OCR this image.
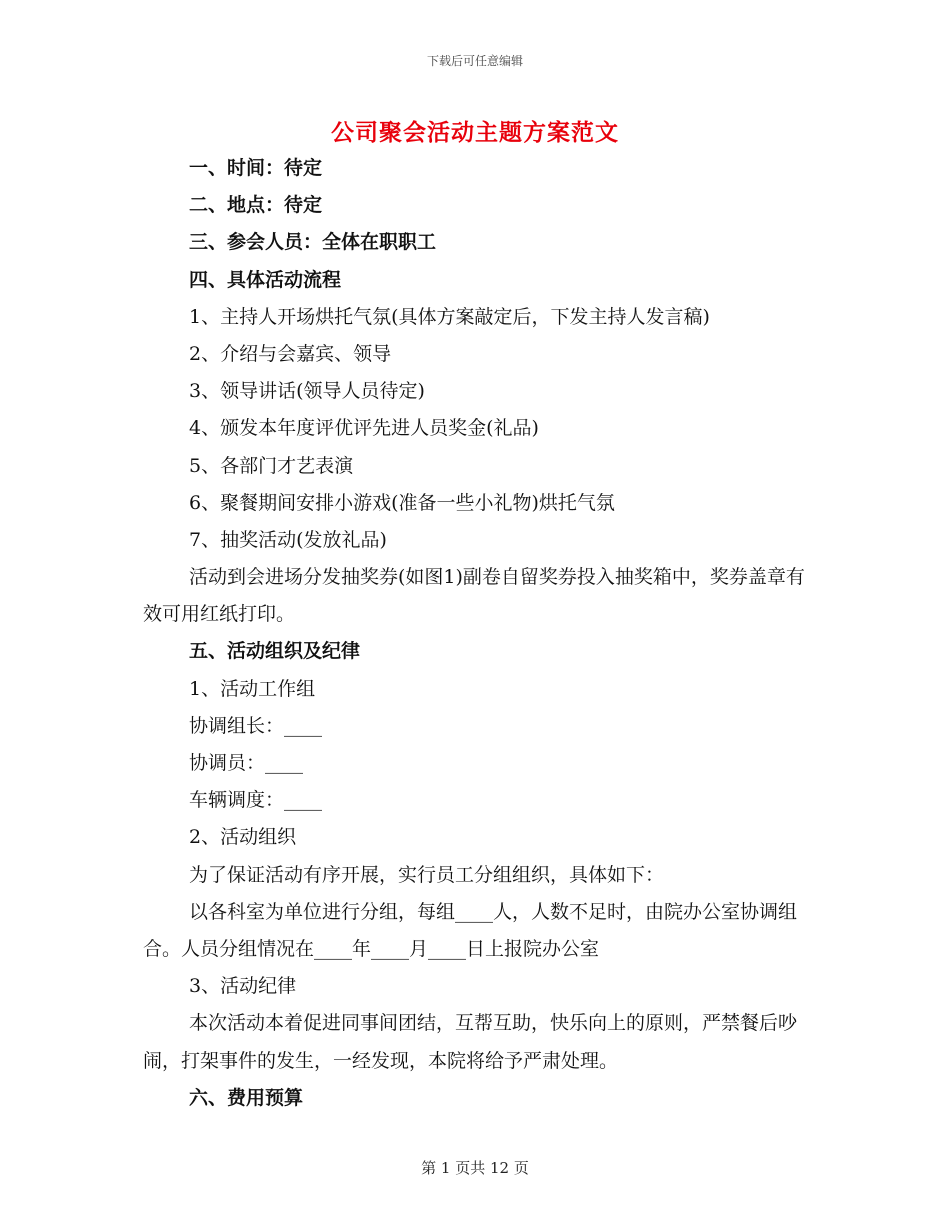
下载后可任意编辑
公司聚会活动主题方案范文
一、时间：待定
二、地点：待定
三、参会人员：全体在职职工
四、具体活动流程
1、主持人开场烘托气氛(具体方案敲定后，下发主持人发言稿)
2、介绍与会嘉宾、领导
3、领导讲话(领导人员待定)
4、颁发本年度评优评先进人员奖金(礼品)
5、各部门才艺表演
6、聚餐期间安排小游戏(准备一些小礼物)烘托气氛
7、抽奖活动(发放礼品)
活动到会进场分发抽奖券(如图1)副卷自留奖券投入抽奖箱中，奖券盖章有效可用红纸打印。
五、活动组织及纪律
1、活动工作组
协调组长：____
协调员：____
车辆调度：____
2、活动组织
为了保证活动有序开展，实行员工分组组织，具体如下：
以各科室为单位进行分组，每组____人，人数不足时，由院办公室协调组合。人员分组情况在____年____月____日上报院办公室
3、活动纪律
本次活动本着促进同事间团结，互帮互助，快乐向上的原则，严禁餐后吵闹，打架事件的发生，一经发现，本院将给予严肃处理。
六、费用预算
第 1 页共 12 页
